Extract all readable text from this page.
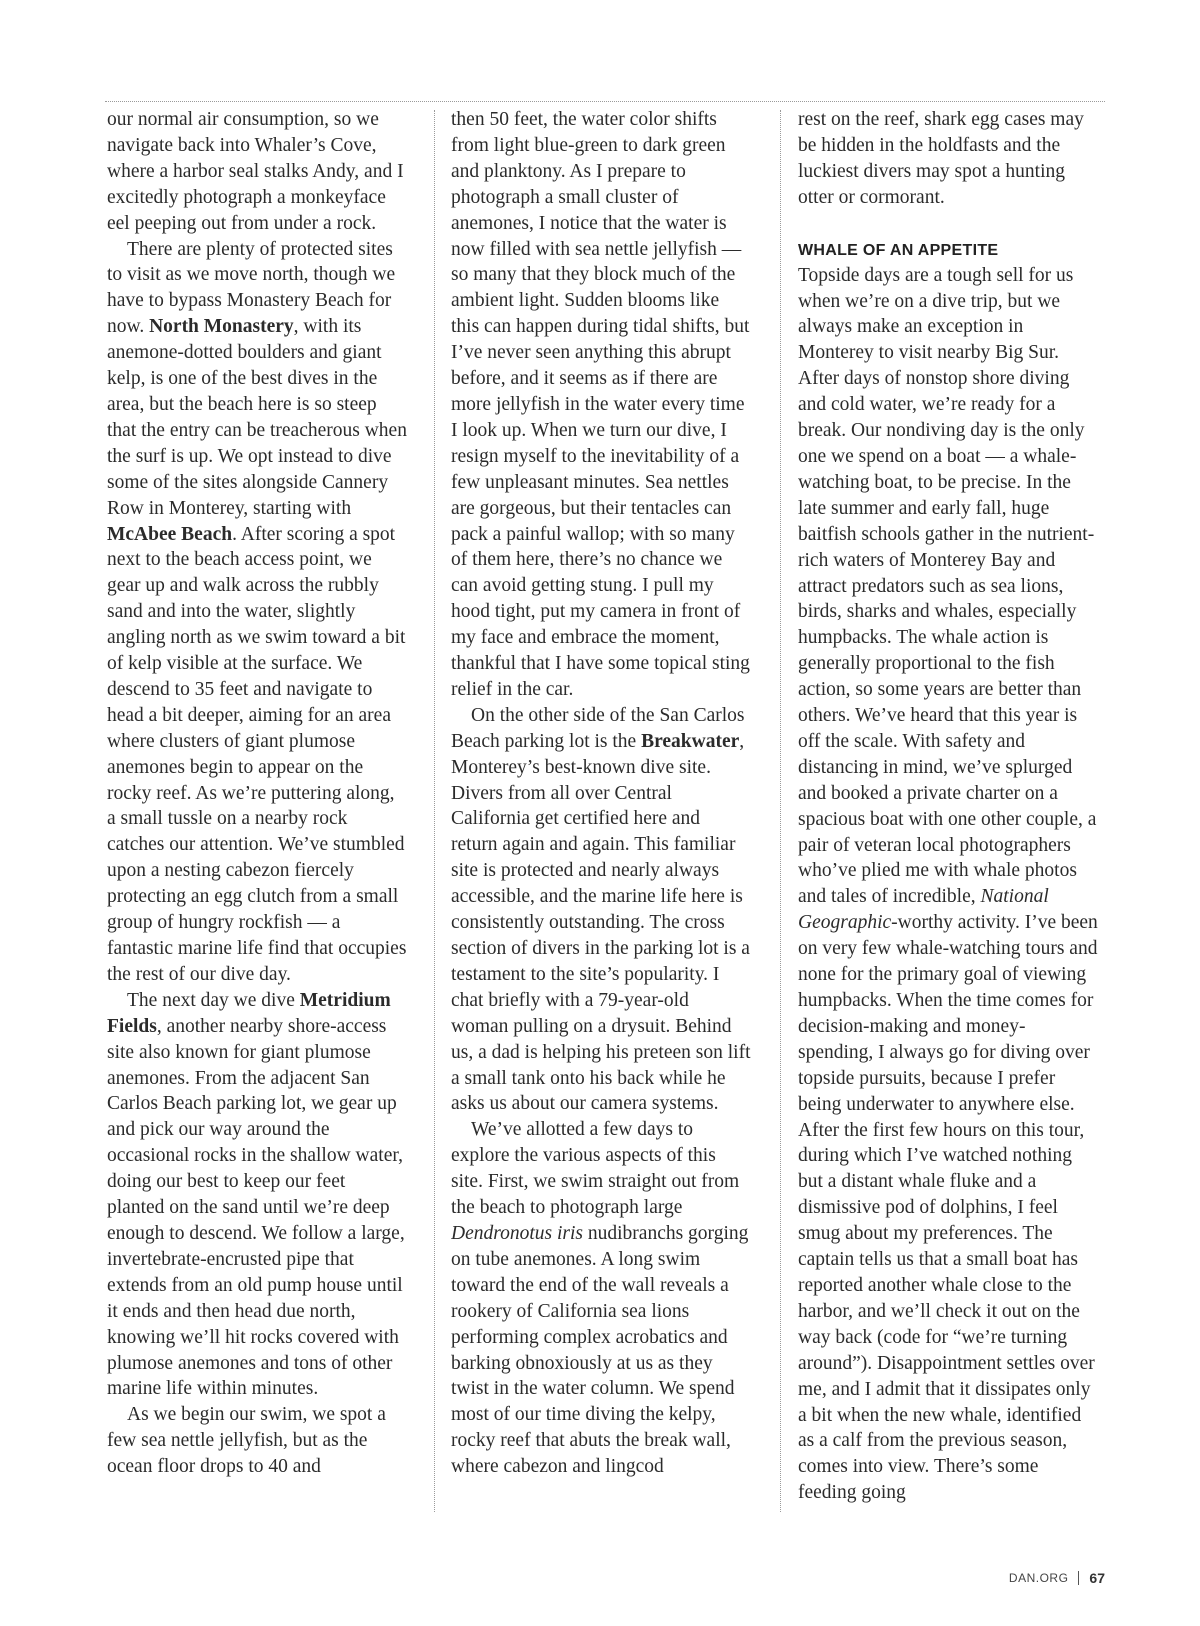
our normal air consumption, so we navigate back into Whaler’s Cove, where a harbor seal stalks Andy, and I excitedly photograph a monkeyface eel peeping out from under a rock.

There are plenty of protected sites to visit as we move north, though we have to bypass Monastery Beach for now. North Monastery, with its anemone-dotted boulders and giant kelp, is one of the best dives in the area, but the beach here is so steep that the entry can be treacherous when the surf is up. We opt instead to dive some of the sites alongside Cannery Row in Monterey, starting with McAbee Beach. After scoring a spot next to the beach access point, we gear up and walk across the rubbly sand and into the water, slightly angling north as we swim toward a bit of kelp visible at the surface. We descend to 35 feet and navigate to head a bit deeper, aiming for an area where clusters of giant plumose anemones begin to appear on the rocky reef. As we’re puttering along, a small tussle on a nearby rock catches our attention. We’ve stumbled upon a nesting cabezon fiercely protecting an egg clutch from a small group of hungry rockfish — a fantastic marine life find that occupies the rest of our dive day.

The next day we dive Metridium Fields, another nearby shore-access site also known for giant plumose anemones. From the adjacent San Carlos Beach parking lot, we gear up and pick our way around the occasional rocks in the shallow water, doing our best to keep our feet planted on the sand until we’re deep enough to descend. We follow a large, invertebrate-encrusted pipe that extends from an old pump house until it ends and then head due north, knowing we’ll hit rocks covered with plumose anemones and tons of other marine life within minutes.

As we begin our swim, we spot a few sea nettle jellyfish, but as the ocean floor drops to 40 and

then 50 feet, the water color shifts from light blue-green to dark green and planktony. As I prepare to photograph a small cluster of anemones, I notice that the water is now filled with sea nettle jellyfish — so many that they block much of the ambient light. Sudden blooms like this can happen during tidal shifts, but I’ve never seen anything this abrupt before, and it seems as if there are more jellyfish in the water every time I look up. When we turn our dive, I resign myself to the inevitability of a few unpleasant minutes. Sea nettles are gorgeous, but their tentacles can pack a painful wallop; with so many of them here, there’s no chance we can avoid getting stung. I pull my hood tight, put my camera in front of my face and embrace the moment, thankful that I have some topical sting relief in the car.

On the other side of the San Carlos Beach parking lot is the Breakwater, Monterey’s best-known dive site. Divers from all over Central California get certified here and return again and again. This familiar site is protected and nearly always accessible, and the marine life here is consistently outstanding. The cross section of divers in the parking lot is a testament to the site’s popularity. I chat briefly with a 79-year-old woman pulling on a drysuit. Behind us, a dad is helping his preteen son lift a small tank onto his back while he asks us about our camera systems.

We’ve allotted a few days to explore the various aspects of this site. First, we swim straight out from the beach to photograph large Dendronotus iris nudibranchs gorging on tube anemones. A long swim toward the end of the wall reveals a rookery of California sea lions performing complex acrobatics and barking obnoxiously at us as they twist in the water column. We spend most of our time diving the kelpy, rocky reef that abuts the break wall, where cabezon and lingcod

rest on the reef, shark egg cases may be hidden in the holdfasts and the luckiest divers may spot a hunting otter or cormorant.

WHALE OF AN APPETITE

Topside days are a tough sell for us when we’re on a dive trip, but we always make an exception in Monterey to visit nearby Big Sur. After days of nonstop shore diving and cold water, we’re ready for a break. Our nondiving day is the only one we spend on a boat — a whale-watching boat, to be precise. In the late summer and early fall, huge baitfish schools gather in the nutrient-rich waters of Monterey Bay and attract predators such as sea lions, birds, sharks and whales, especially humpbacks. The whale action is generally proportional to the fish action, so some years are better than others. We’ve heard that this year is off the scale. With safety and distancing in mind, we’ve splurged and booked a private charter on a spacious boat with one other couple, a pair of veteran local photographers who’ve plied me with whale photos and tales of incredible, National Geographic-worthy activity. I’ve been on very few whale-watching tours and none for the primary goal of viewing humpbacks. When the time comes for decision-making and money-spending, I always go for diving over topside pursuits, because I prefer being underwater to anywhere else. After the first few hours on this tour, during which I’ve watched nothing but a distant whale fluke and a dismissive pod of dolphins, I feel smug about my preferences. The captain tells us that a small boat has reported another whale close to the harbor, and we’ll check it out on the way back (code for “we’re turning around”). Disappointment settles over me, and I admit that it dissipates only a bit when the new whale, identified as a calf from the previous season, comes into view. There’s some feeding going

DAN.ORG 67
